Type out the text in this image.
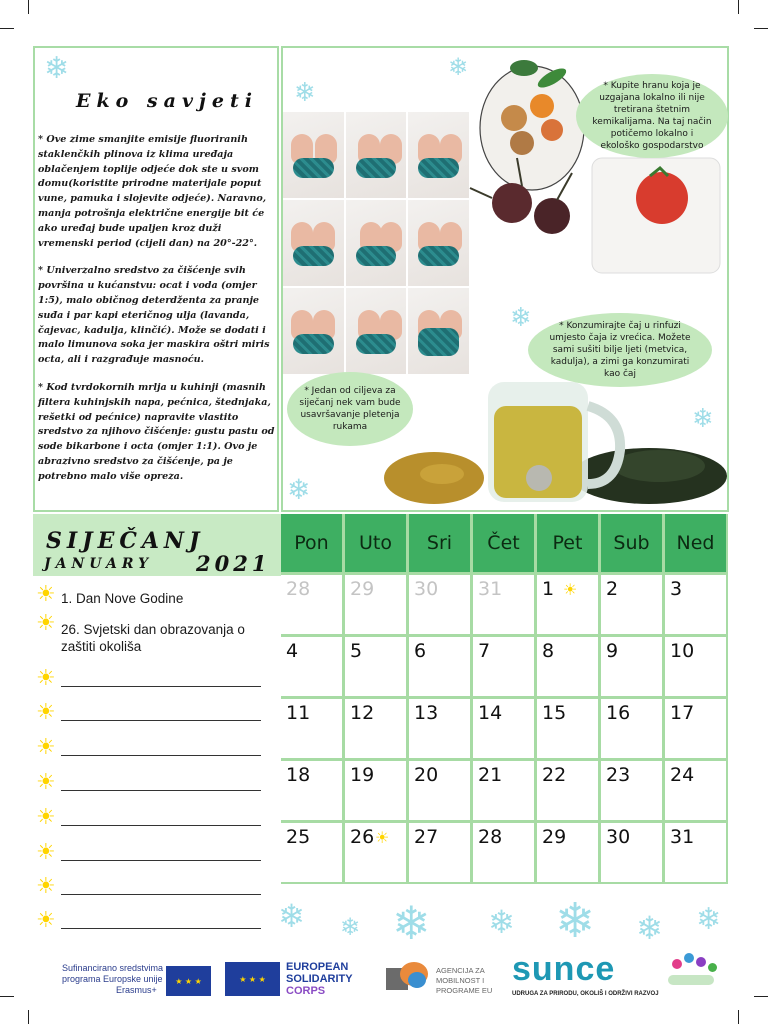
❄
❄
❄
❄
❄
❄
❄ ❄ ❄ ❄ ❄ ❄ ❄
Eko savjeti

* Ove zime smanjite emisije fluoriranih staklenčkih plinova iz klima uređaja oblačenjem toplije odjeće dok ste u svom domu(koristite prirodne materijale poput vune, pamuka i slojevite odjeće). Naravno, manja potrošnja električne energije bit će ako uređaj bude upaljen kroz duži vremenski period (cijeli dan) na 20°-22°.

* Univerzalno sredstvo za čišćenje svih površina u kućanstvu: ocat i voda (omjer 1:5), malo običnog deterdženta za pranje suđa i par kapi eteričnog ulja (lavanda, čajevac, kadulja, klinčić). Može se dodati i malo limunova soka jer maskira oštri miris octa, ali i razgrađuje masnoću.

* Kod tvrdokornih mrlja u kuhinji (masnih filtera kuhinjskih napa, pećnica, štednjaka, rešetki od pećnice) napravite vlastito sredstvo za njihovo čišćenje: gustu pastu od sode bikarbone i octa (omjer 1:1). Ovo je abrazivno sredstvo za čišćenje, pa je potrebno malo više opreza.

* Kupite hranu koja je uzgajana lokalno ili nije tretirana štetnim kemikalijama. Na taj način potičemo lokalno i ekološko gospodarstvo
* Konzumirajte čaj u rinfuzi umjesto čaja iz vrećica. Možete sami sušiti bilje ljeti (metvica, kadulja), a zimi ga konzumirati kao čaj
* Jedan od ciljeva za siječanj nek vam bude usavršavanje pletenja rukama
SIJEČANJ
JANUARY 2021
☀ 1. Dan Nove Godine
☀ 26. Svjetski dan obrazovanja o zaštiti okoliša
☀
☀
☀
☀
☀
☀
☀
☀
Pon	Uto	Sri	Čet	Pet	Sub	Ned
28 29 30 31 1 ☀ 2	3
4	5	6	7	8	9	10
11 12 13 14 15 16 17
18 19 20 21 22 23 24
25 26 ☀ 27 28 29 30 31
Sufinancirano sredstvima
programa Europske unije
Erasmus+
★ ★ ★	★ ★ ★
EUROPEAN
SOLIDARITY
CORPS
AGENCIJA ZA
MOBILNOST I
PROGRAME EU
sunce
UDRUGA ZA PRIRODU, OKOLIŠ I ODRŽIVI RAZVOJ
